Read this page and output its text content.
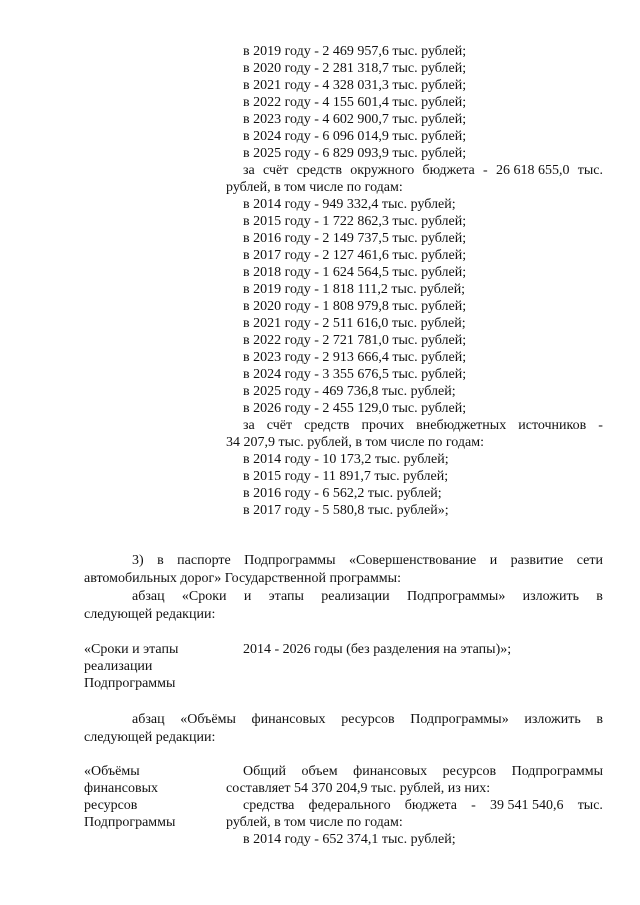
в 2019 году - 2 469 957,6 тыс. рублей;
в 2020 году - 2 281 318,7 тыс. рублей;
в 2021 году - 4 328 031,3 тыс. рублей;
в 2022 году - 4 155 601,4 тыс. рублей;
в 2023 году - 4 602 900,7 тыс. рублей;
в 2024 году - 6 096 014,9 тыс. рублей;
в 2025 году - 6 829 093,9 тыс. рублей;
за счёт средств окружного бюджета - 26 618 655,0 тыс.
рублей, в том числе по годам:
в 2014 году - 949 332,4 тыс. рублей;
в 2015 году - 1 722 862,3 тыс. рублей;
в 2016 году - 2 149 737,5 тыс. рублей;
в 2017 году - 2 127 461,6 тыс. рублей;
в 2018 году - 1 624 564,5 тыс. рублей;
в 2019 году - 1 818 111,2 тыс. рублей;
в 2020 году - 1 808 979,8 тыс. рублей;
в 2021 году - 2 511 616,0 тыс. рублей;
в 2022 году - 2 721 781,0 тыс. рублей;
в 2023 году - 2 913 666,4 тыс. рублей;
в 2024 году - 3 355 676,5 тыс. рублей;
в 2025 году - 469 736,8 тыс. рублей;
в 2026 году - 2 455 129,0 тыс. рублей;
за счёт средств прочих внебюджетных источников -
34 207,9 тыс. рублей, в том числе по годам:
в 2014 году - 10 173,2 тыс. рублей;
в 2015 году - 11 891,7 тыс. рублей;
в 2016 году - 6 562,2 тыс. рублей;
в 2017 году - 5 580,8 тыс. рублей»;
3) в паспорте Подпрограммы «Совершенствование и развитие сети
автомобильных дорог» Государственной программы:
абзац «Сроки и этапы реализации Подпрограммы» изложить в
следующей редакции:
«Сроки и этапы
реализации
Подпрограммы
2014 - 2026 годы (без разделения на этапы)»;
абзац «Объёмы финансовых ресурсов Подпрограммы» изложить в
следующей редакции:
«Объёмы
финансовых
ресурсов
Подпрограммы
Общий объем финансовых ресурсов Подпрограммы
составляет 54 370 204,9 тыс. рублей, из них:
средства федерального бюджета - 39 541 540,6 тыс.
рублей, в том числе по годам:
в 2014 году - 652 374,1 тыс. рублей;
